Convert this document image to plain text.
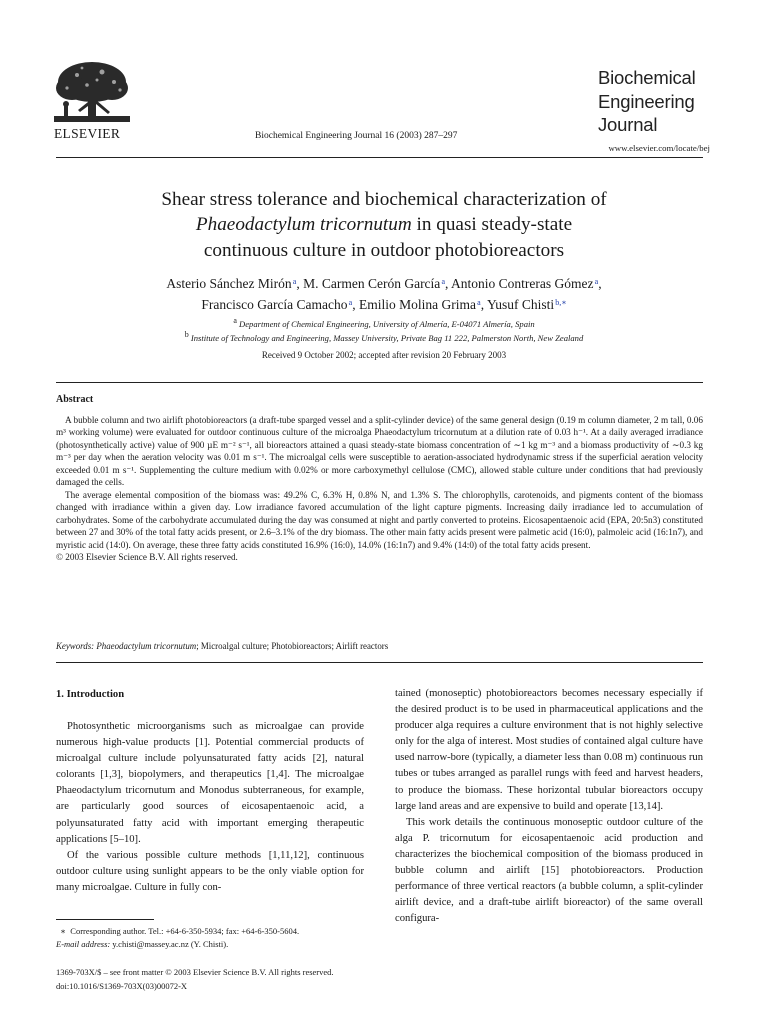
ELSEVIER	Biochemical Engineering Journal 16 (2003) 287–297
Biochemical
Engineering
Journal
www.elsevier.com/locate/bej
Shear stress tolerance and biochemical characterization of
Phaeodactylum tricornutum in quasi steady-state
continuous culture in outdoor photobioreactors
Asterio Sánchez Mirón $^a$, M. Carmen Cerón García $^a$, Antonio Contreras Gómez $^a$,
Francisco García Camacho $^a$, Emilio Molina Grima $^a$, Yusuf Chisti $^{b,∗}$
a Department of Chemical Engineering, University of Almería, E-04071 Almería, Spain
b Institute of Technology and Engineering, Massey University, Private Bag 11 222, Palmerston North, New Zealand
Received 9 October 2002; accepted after revision 20 February 2003
Abstract

A bubble column and two airlift photobioreactors (a draft-tube sparged vessel and a split-cylinder device) of the same general design (0.19 m column diameter, 2 m tall, 0.06 m³ working volume) were evaluated for outdoor continuous culture of the microalga Phaeodactylum tricornutum at a dilution rate of 0.03 h⁻¹. At a daily averaged irradiance (photosynthetically active) value of 900 µE m⁻² s⁻¹, all bioreactors attained a quasi steady-state biomass concentration of ∼1 kg m⁻³ and a biomass productivity of ∼0.3 kg m⁻³ per day when the aeration velocity was 0.01 m s⁻¹. The microalgal cells were susceptible to aeration-associated hydrodynamic stress if the superficial aeration velocity exceeded 0.01 m s⁻¹. Supplementing the culture medium with 0.02% or more carboxymethyl cellulose (CMC), allowed stable culture under conditions that had previously damaged the cells.

The average elemental composition of the biomass was: 49.2% C, 6.3% H, 0.8% N, and 1.3% S. The chlorophylls, carotenoids, and pigments content of the biomass changed with irradiance within a given day. Low irradiance favored accumulation of the light capture pigments. Increasing daily irradiance led to accumulation of carbohydrates. Some of the carbohydrate accumulated during the day was consumed at night and partly converted to proteins. Eicosapentaenoic acid (EPA, 20:5n3) constituted between 27 and 30% of the total fatty acids present, or 2.6–3.1% of the dry biomass. The other main fatty acids present were palmetic acid (16:0), palmoleic acid (16:1n7), and myristic acid (14:0). On average, these three fatty acids constituted 16.9% (16:0), 14.0% (16:1n7) and 9.4% (14:0) of the total fatty acids present.

© 2003 Elsevier Science B.V. All rights reserved.

Keywords: Phaeodactylum tricornutum; Microalgal culture; Photobioreactors; Airlift reactors
1. Introduction

Photosynthetic microorganisms such as microalgae can provide numerous high-value products [1]. Potential commercial products of microalgal culture include polyunsaturated fatty acids [2], natural colorants [1,3], biopolymers, and therapeutics [1,4]. The microalgae Phaeodactylum tricornutum and Monodus subterraneous, for example, are particularly good sources of eicosapentaenoic acid, a polyunsaturated fatty acid with important emerging therapeutic applications [5–10].

Of the various possible culture methods [1,11,12], continuous outdoor culture using sunlight appears to be the only viable option for many microalgae. Culture in fully con-

tained (monoseptic) photobioreactors becomes necessary especially if the desired product is to be used in pharmaceutical applications and the producer alga requires a culture environment that is not highly selective only for the alga of interest. Most studies of contained algal culture have used narrow-bore (typically, a diameter less than 0.08 m) continuous run tubes or tubes arranged as parallel rungs with feed and harvest headers, to produce the biomass. These horizontal tubular bioreactors occupy large land areas and are expensive to build and operate [13,14].

This work details the continuous monoseptic outdoor culture of the alga P. tricornutum for eicosapentaenoic acid production and characterizes the biochemical composition of the biomass produced in bubble column and airlift [15] photobioreactors. Production performance of three vertical reactors (a bubble column, a split-cylinder airlift device, and a draft-tube airlift bioreactor) of the same overall configura-

∗ Corresponding author. Tel.: +64-6-350-5934; fax: +64-6-350-5604.
E-mail address: y.chisti@massey.ac.nz (Y. Chisti).
1369-703X/$ – see front matter © 2003 Elsevier Science B.V. All rights reserved.
doi:10.1016/S1369-703X(03)00072-X
